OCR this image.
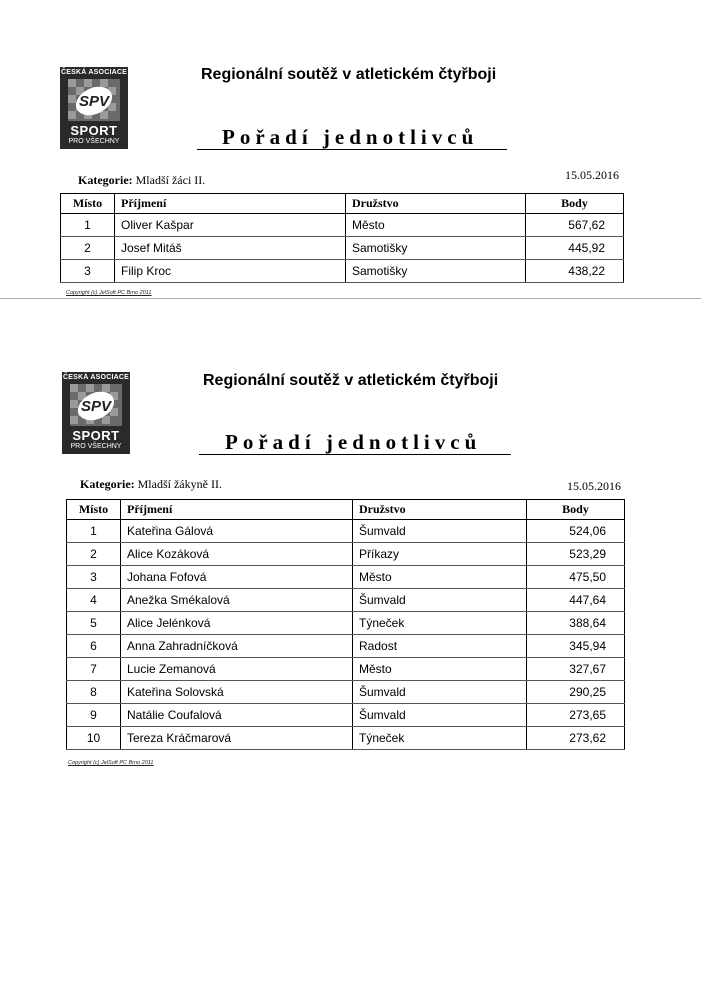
ČESKÁ ASOCIACE
SPV
SPORT
PRO VŠECHNY
Regionální soutěž v atletickém čtyřboji
Pořadí jednotlivců
Kategorie: Mladší žáci II.	15.05.2016
Místo	Příjmení	Družstvo	Body
1	Oliver Kašpar	Město	567,62
2	Josef Mitáš	Samotišky	445,92
3	Filip Kroc	Samotišky	438,22
Copyright (c) JelSoft PC Brno 2011
ČESKÁ ASOCIACE
SPV
SPORT
PRO VŠECHNY
Regionální soutěž v atletickém čtyřboji
Pořadí jednotlivců
Kategorie: Mladší žákyně II.	15.05.2016
Místo	Příjmení	Družstvo	Body
1	Kateřina Gálová	Šumvald	524,06
2	Alice Kozáková	Příkazy	523,29
3	Johana Fofová	Město	475,50
4	Anežka Smékalová	Šumvald	447,64
5	Alice Jelénková	Týneček	388,64
6	Anna Zahradníčková	Radost	345,94
7	Lucie Zemanová	Město	327,67
8	Kateřina Solovská	Šumvald	290,25
9	Natálie Coufalová	Šumvald	273,65
10	Tereza Kráčmarová	Týneček	273,62
Copyright (c) JelSoft PC Brno 2011
